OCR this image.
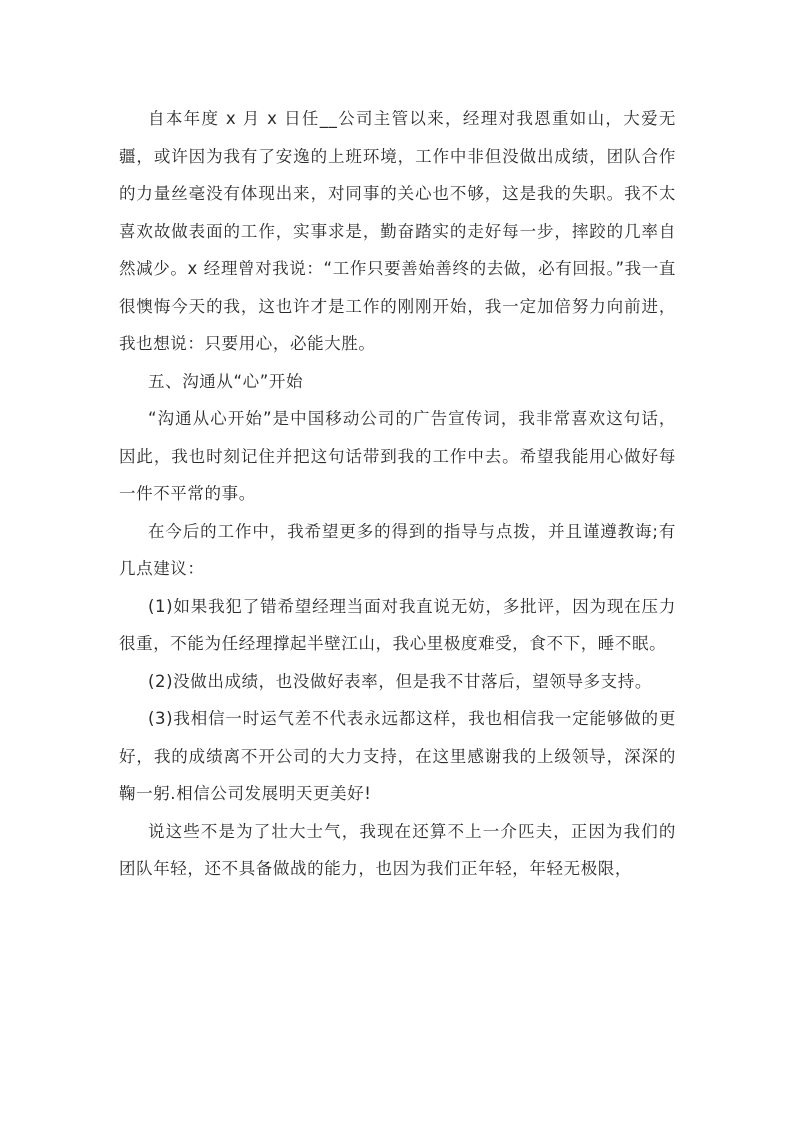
自本年度 x 月 x 日任__公司主管以来，经理对我恩重如山，大爱无疆，或许因为我有了安逸的上班环境，工作中非但没做出成绩，团队合作的力量丝毫没有体现出来，对同事的关心也不够，这是我的失职。我不太喜欢故做表面的工作，实事求是，勤奋踏实的走好每一步，摔跤的几率自然减少。x 经理曾对我说：“工作只要善始善终的去做，必有回报。”我一直很懊悔今天的我，这也许才是工作的刚刚开始，我一定加倍努力向前进，我也想说：只要用心，必能大胜。

五、沟通从“心”开始

“沟通从心开始”是中国移动公司的广告宣传词，我非常喜欢这句话，因此，我也时刻记住并把这句话带到我的工作中去。希望我能用心做好每一件不平常的事。

在今后的工作中，我希望更多的得到的指导与点拨，并且谨遵教诲;有几点建议：

(1)如果我犯了错希望经理当面对我直说无妨，多批评，因为现在压力很重，不能为任经理撑起半壁江山，我心里极度难受，食不下，睡不眠。

(2)没做出成绩，也没做好表率，但是我不甘落后，望领导多支持。

(3)我相信一时运气差不代表永远都这样，我也相信我一定能够做的更好，我的成绩离不开公司的大力支持，在这里感谢我的上级领导，深深的鞠一躬.相信公司发展明天更美好!

说这些不是为了壮大士气，我现在还算不上一介匹夫，正因为我们的团队年轻，还不具备做战的能力，也因为我们正年轻，年轻无极限，
